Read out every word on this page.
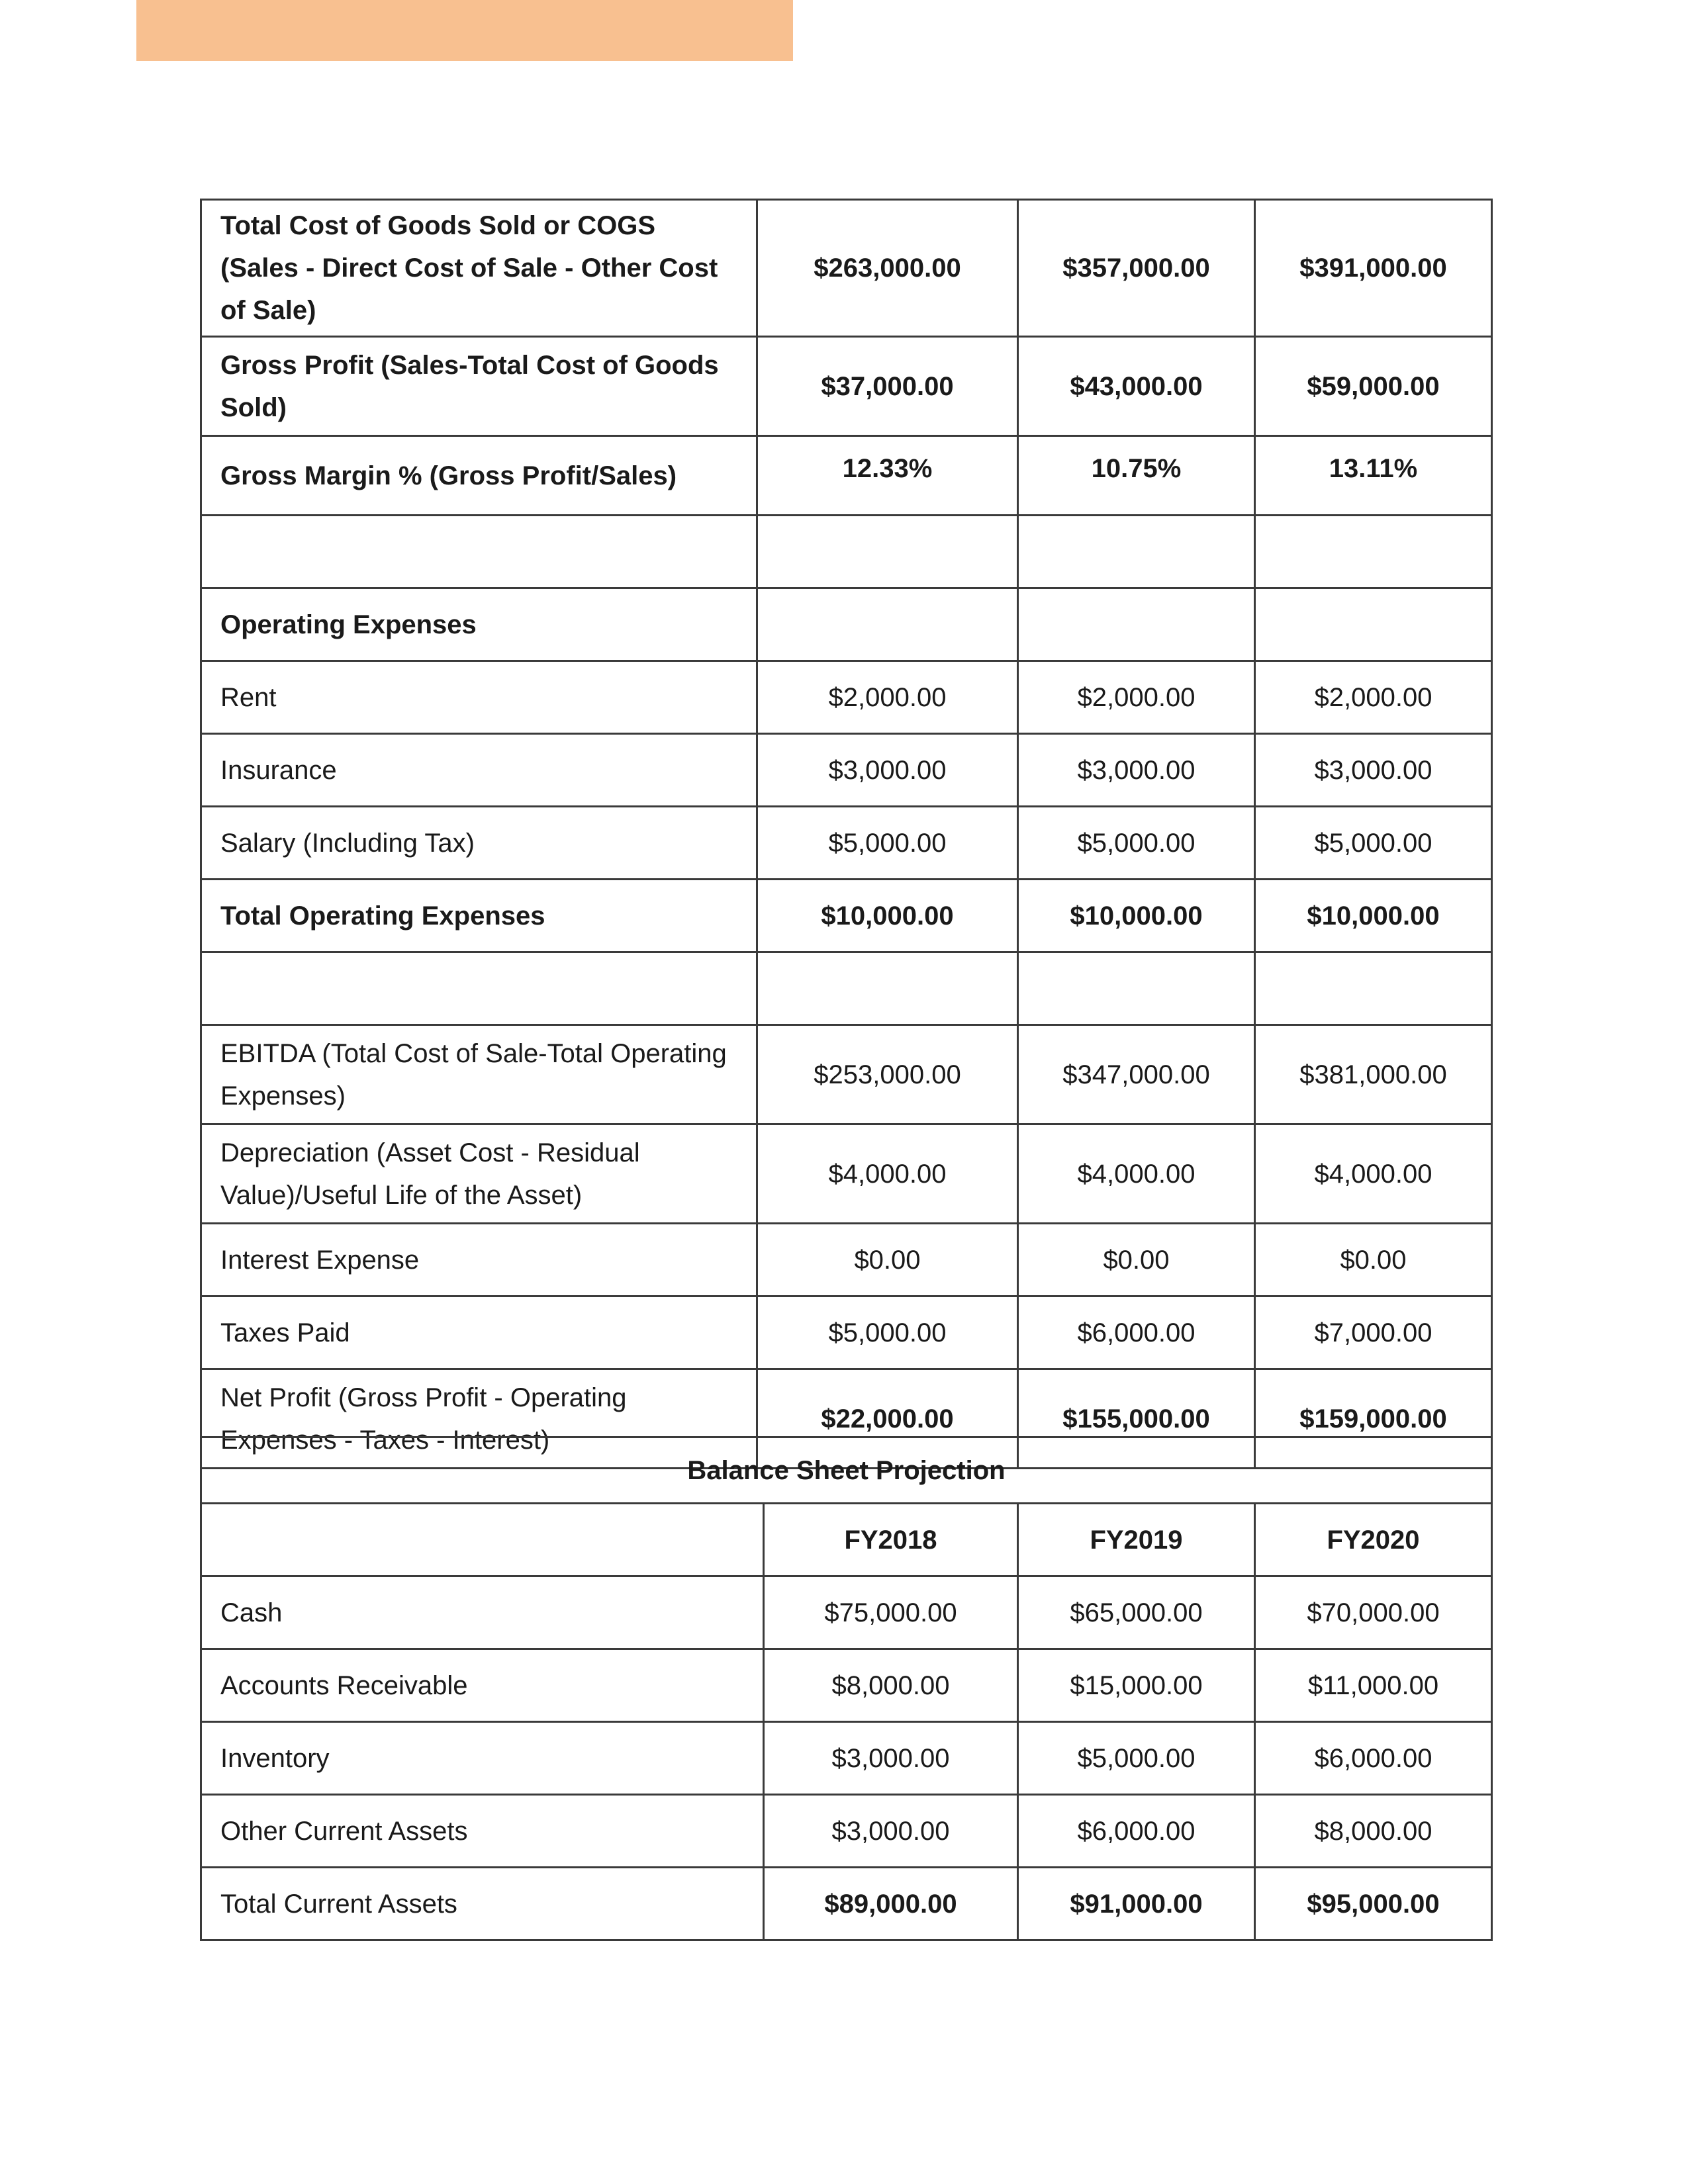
Total Cost of Goods Sold or COGS (Sales - Direct Cost of Sale - Other Cost of Sale)	$263,000.00	$357,000.00	$391,000.00
Gross Profit (Sales-Total Cost of Goods Sold)	$37,000.00	$43,000.00	$59,000.00
Gross Margin % (Gross Profit/Sales)	12.33%	10.75%	13.11%

Operating Expenses			
Rent	$2,000.00	$2,000.00	$2,000.00
Insurance	$3,000.00	$3,000.00	$3,000.00
Salary (Including Tax)	$5,000.00	$5,000.00	$5,000.00
Total Operating Expenses	$10,000.00	$10,000.00	$10,000.00

EBITDA (Total Cost of Sale-Total Operating Expenses)	$253,000.00	$347,000.00	$381,000.00
Depreciation (Asset Cost - Residual Value)/Useful Life of the Asset)	$4,000.00	$4,000.00	$4,000.00
Interest Expense	$0.00	$0.00	$0.00
Taxes Paid	$5,000.00	$6,000.00	$7,000.00
Net Profit (Gross Profit - Operating Expenses - Taxes - Interest)	$22,000.00	$155,000.00	$159,000.00
Balance Sheet Projection			
	FY2018	FY2019	FY2020
Cash	$75,000.00	$65,000.00	$70,000.00
Accounts Receivable	$8,000.00	$15,000.00	$11,000.00
Inventory	$3,000.00	$5,000.00	$6,000.00
Other Current Assets	$3,000.00	$6,000.00	$8,000.00
Total Current Assets	$89,000.00	$91,000.00	$95,000.00
